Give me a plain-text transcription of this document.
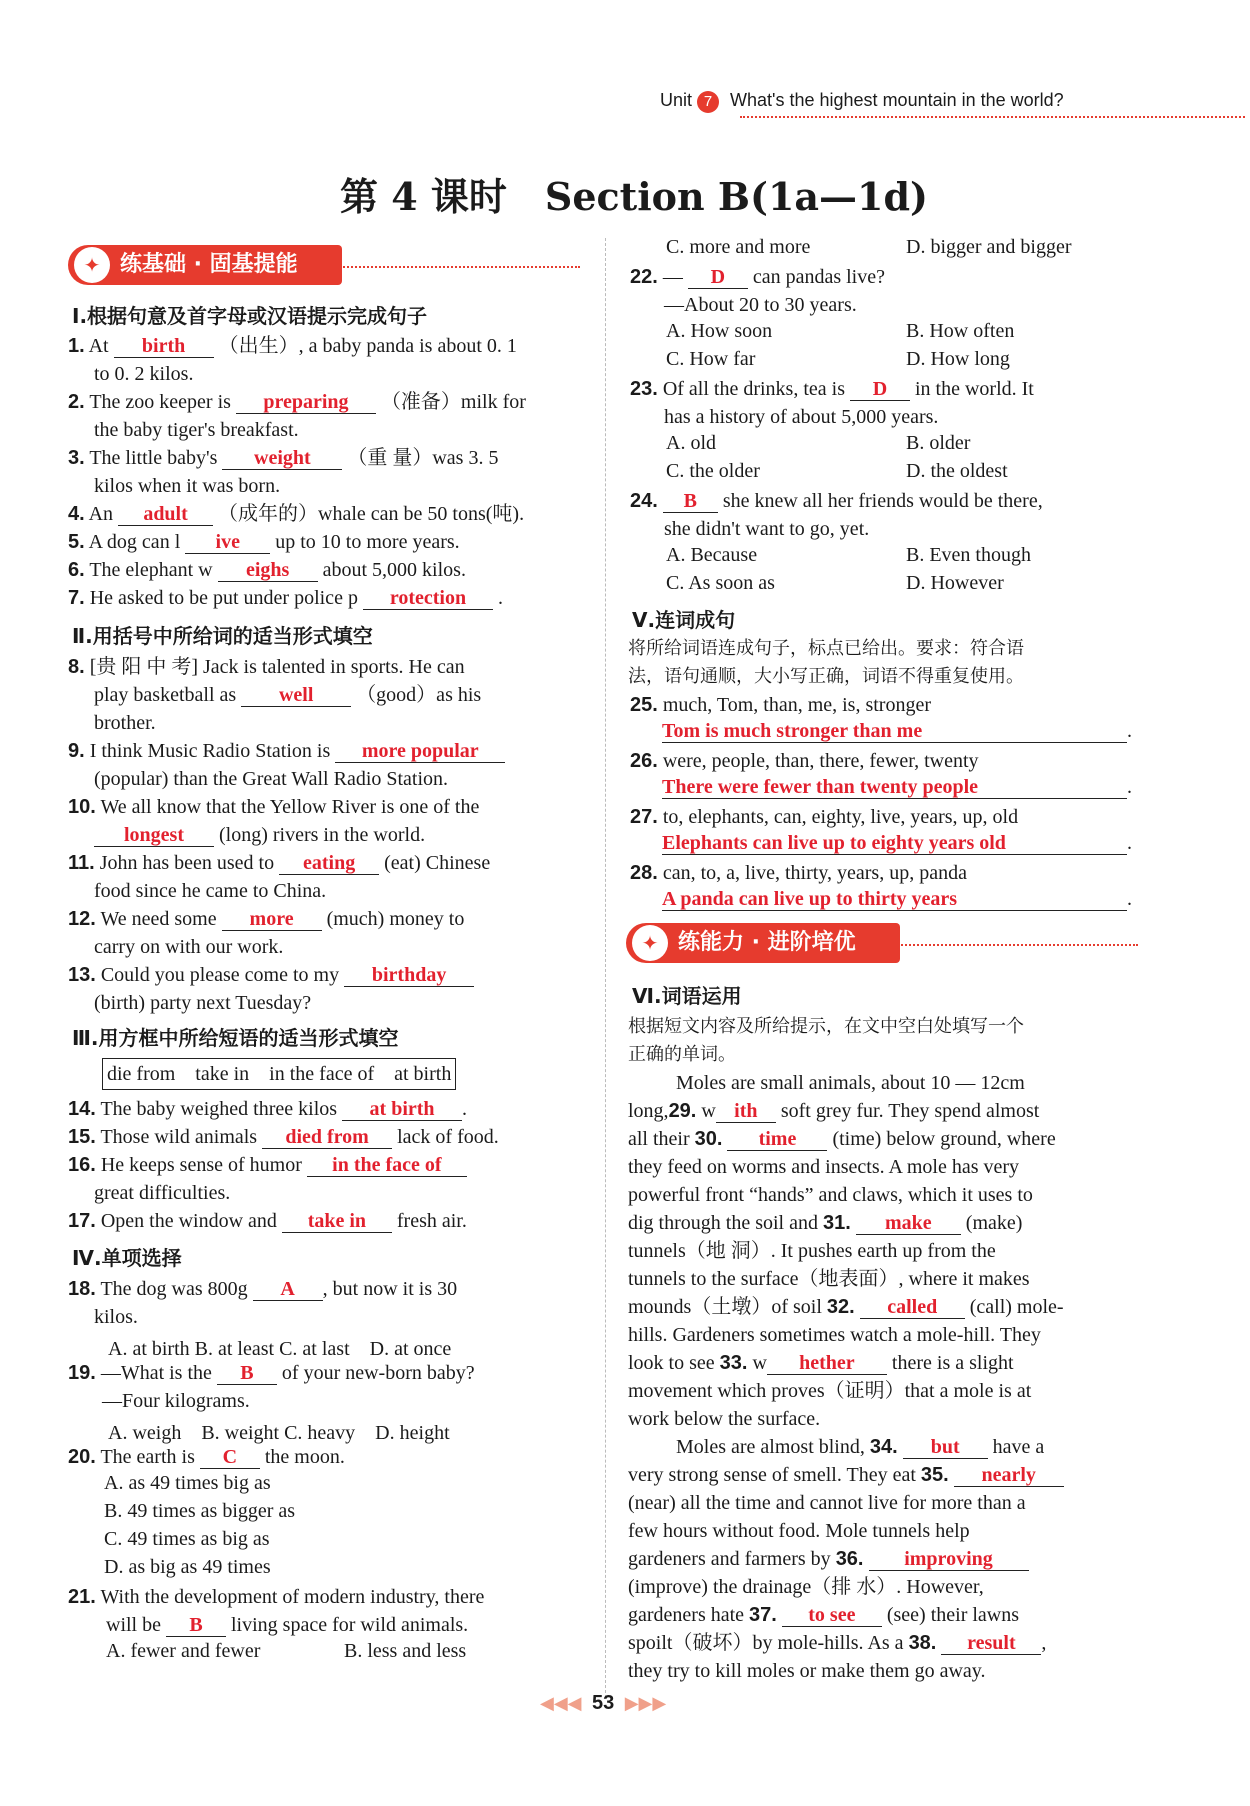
Unit 7 What's the highest mountain in the world?
第 4 课时　Section B(1a—1d)
✦ 练基础 · 固基提能
Ⅰ.根据句意及首字母或汉语提示完成句子
1. At birth （出生）, a baby panda is about 0. 1
to 0. 2 kilos.
2. The zoo keeper is preparing （准备）milk for
the baby tiger's breakfast.
3. The little baby's weight （重 量）was 3. 5
kilos when it was born.
4. An adult （成年的）whale can be 50 tons(吨).
5. A dog can l ive up to 10 to more years.
6. The elephant w eighs about 5,000 kilos.
7. He asked to be put under police p rotection .
Ⅱ.用括号中所给词的适当形式填空
8. [贵 阳 中 考] Jack is talented in sports. He can
play basketball as well （good）as his
brother.
9. I think Music Radio Station is more popular
(popular) than the Great Wall Radio Station.
10. We all know that the Yellow River is one of the
longest (long) rivers in the world.
11. John has been used to eating (eat) Chinese
food since he came to China.
12. We need some more (much) money to
carry on with our work.
13. Could you please come to my birthday
(birth) party next Tuesday?
Ⅲ.用方框中所给短语的适当形式填空
die from　take in　in the face of　at birth
14. The baby weighed three kilos at birth .
15. Those wild animals died from lack of food.
16. He keeps sense of humor in the face of
great difficulties.
17. Open the window and take in fresh air.
Ⅳ.单项选择
18. The dog was 800g A , but now it is 30
kilos.
A. at birth B. at least C. at last　D. at once
19. —What is the B of your new-born baby?
—Four kilograms.
A. weigh　B. weight C. heavy　D. height
20. The earth is C the moon.
A. as 49 times big as
B. 49 times as bigger as
C. 49 times as big as
D. as big as 49 times
21. With the development of modern industry, there
will be B living space for wild animals.
A. fewer and fewer	B. less and less
C. more and more	D. bigger and bigger
22. — D can pandas live?
—About 20 to 30 years.
A. How soon	B. How often
C. How far	D. How long
23. Of all the drinks, tea is D in the world. It
has a history of about 5,000 years.
A. old	B. older
C. the older	D. the oldest
24. B she knew all her friends would be there,
she didn't want to go, yet.
A. Because	B. Even though
C. As soon as	D. However
Ⅴ.连词成句
将所给词语连成句子，标点已给出。要求：符合语
法，语句通顺，大小写正确，词语不得重复使用。
25. much, Tom, than, me, is, stronger
Tom is much stronger than me	.
26. were, people, than, there, fewer, twenty
There were fewer than twenty people	.
27. to, elephants, can, eighty, live, years, up, old
Elephants can live up to eighty years old	.
28. can, to, a, live, thirty, years, up, panda
A panda can live up to thirty years	.
✦ 练能力 · 进阶培优
Ⅵ.词语运用
根据短文内容及所给提示，在文中空白处填写一个
正确的单词。
Moles are small animals, about 10 — 12cm
long,29. w ith soft grey fur. They spend almost
all their 30. time (time) below ground, where
they feed on worms and insects. A mole has very
powerful front “hands” and claws, which it uses to
dig through the soil and 31. make (make)
tunnels（地 洞）. It pushes earth up from the
tunnels to the surface（地表面）, where it makes
mounds（土墩）of soil 32. called (call) mole-
hills. Gardeners sometimes watch a mole-hill. They
look to see 33. w hether there is a slight
movement which proves（证明）that a mole is at
work below the surface.
Moles are almost blind, 34. but have a
very strong sense of smell. They eat 35. nearly
(near) all the time and cannot live for more than a
few hours without food. Mole tunnels help
gardeners and farmers by 36. improving
(improve) the drainage（排 水）. However,
gardeners hate 37. to see (see) their lawns
spoilt（破坏）by mole-hills. As a 38. result ,
they try to kill moles or make them go away.
◀◀◀ 53 ▶▶▶
